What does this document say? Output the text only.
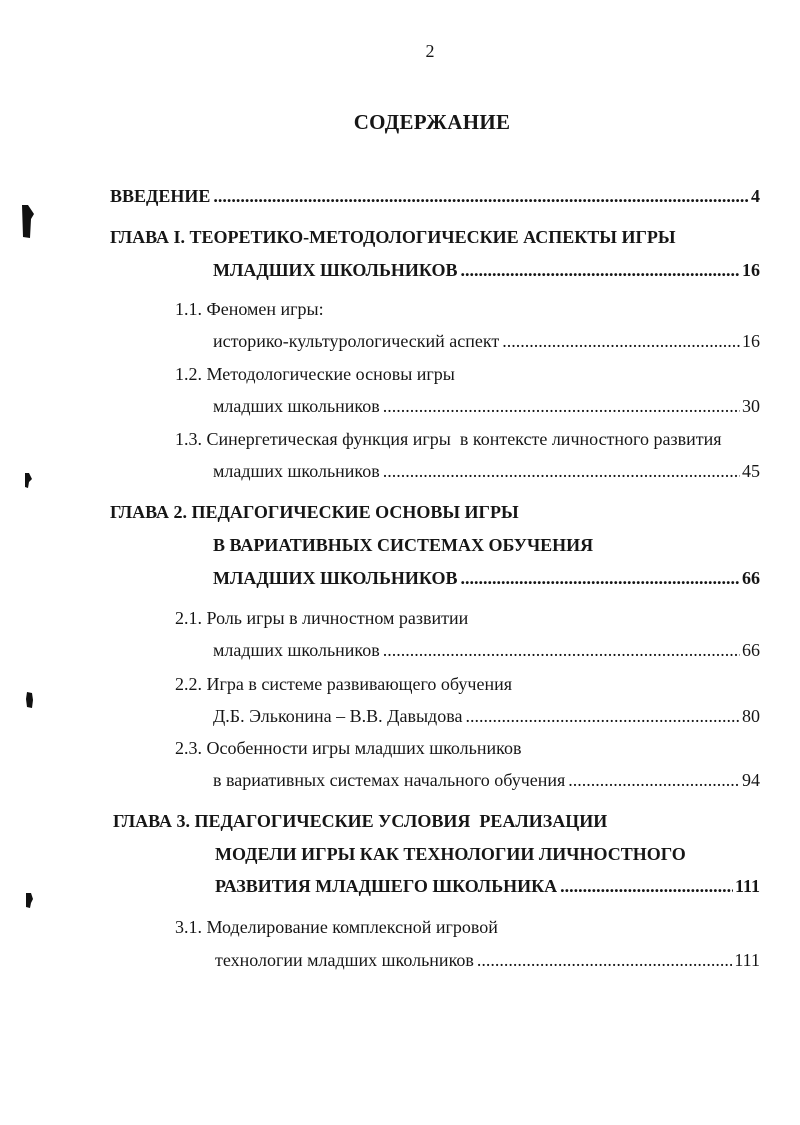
2
СОДЕРЖАНИЕ
ВВЕДЕНИЕ .....	4
ГЛАВА I. ТЕОРЕТИКО-МЕТОДОЛОГИЧЕСКИЕ АСПЕКТЫ ИГРЫ
МЛАДШИХ ШКОЛЬНИКОВ .....	16
1.1. Феномен игры:
историко-культурологический аспект .....	16
1.2. Методологические основы игры
младших школьников .....	30
1.3. Синергетическая функция игры  в контексте личностного развития
младших школьников .....	45
ГЛАВА 2. ПЕДАГОГИЧЕСКИЕ ОСНОВЫ ИГРЫ
В ВАРИАТИВНЫХ СИСТЕМАХ ОБУЧЕНИЯ
МЛАДШИХ ШКОЛЬНИКОВ .....	66
2.1. Роль игры в личностном развитии
младших школьников .....	66
2.2. Игра в системе развивающего обучения
Д.Б. Эльконина – В.В. Давыдова .....	80
2.3. Особенности игры младших школьников
в вариативных системах начального обучения .....	94
ГЛАВА 3. ПЕДАГОГИЧЕСКИЕ УСЛОВИЯ  РЕАЛИЗАЦИИ
МОДЕЛИ ИГРЫ КАК ТЕХНОЛОГИИ ЛИЧНОСТНОГО
РАЗВИТИЯ МЛАДШЕГО ШКОЛЬНИКА .....	111
3.1. Моделирование комплексной игровой
технологии младших школьников .....	111
